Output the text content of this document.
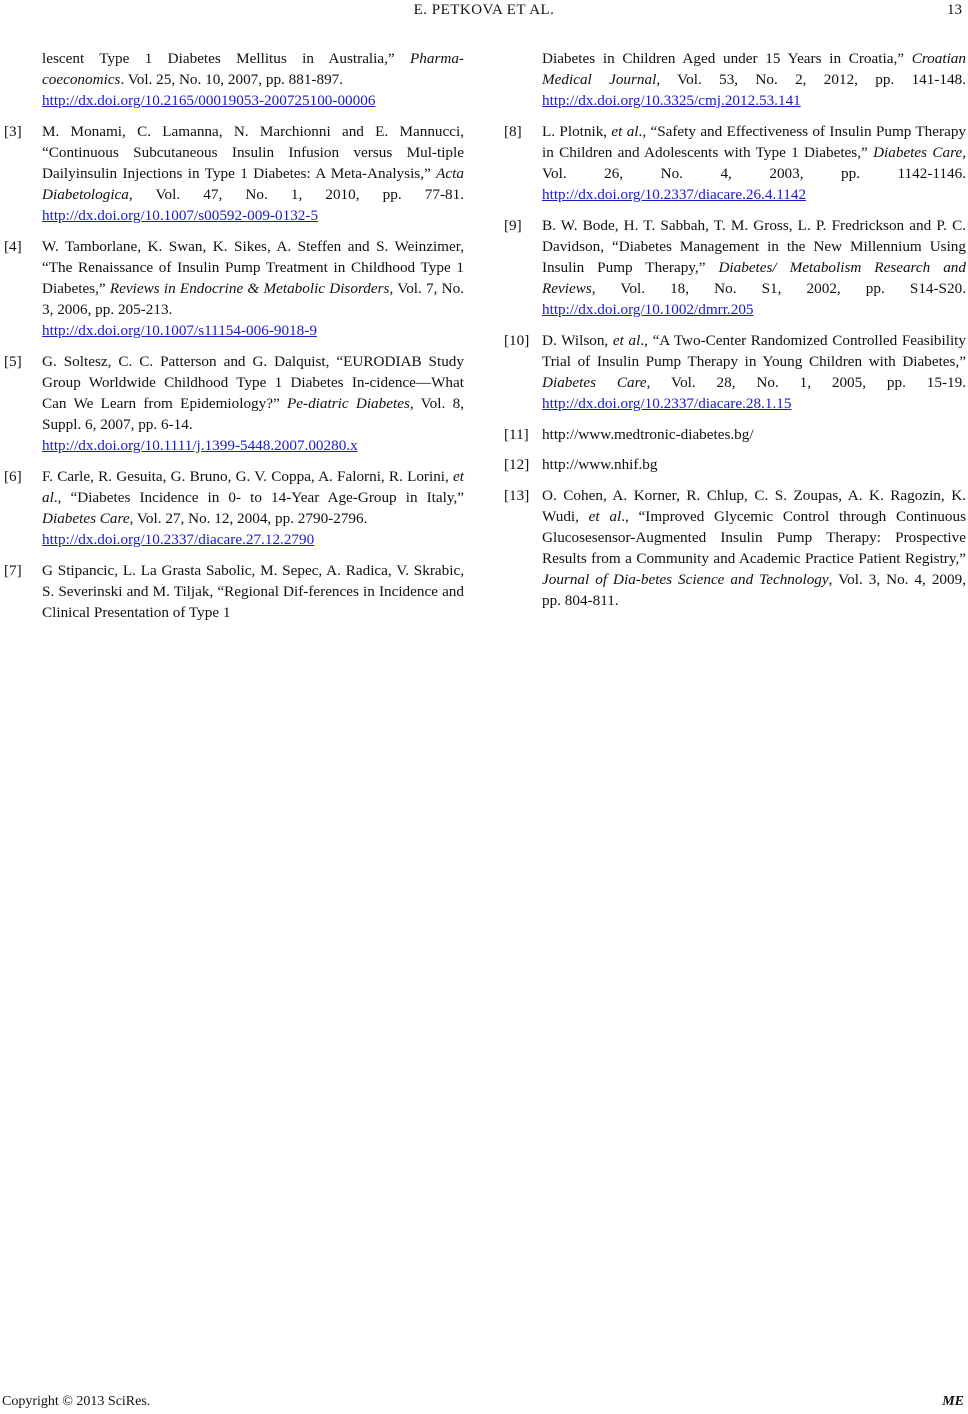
E. PETKOVA ET AL.	13
lescent Type 1 Diabetes Mellitus in Australia,” Pharma-coeconomics. Vol. 25, No. 10, 2007, pp. 881-897.
http://dx.doi.org/10.2165/00019053-200725100-00006
[3] M. Monami, C. Lamanna, N. Marchionni and E. Mannucci, “Continuous Subcutaneous Insulin Infusion versus Mul-tiple Dailyinsulin Injections in Type 1 Diabetes: A Meta-Analysis,” Acta Diabetologica, Vol. 47, No. 1, 2010, pp. 77-81. http://dx.doi.org/10.1007/s00592-009-0132-5
[4] W. Tamborlane, K. Swan, K. Sikes, A. Steffen and S. Weinzimer, “The Renaissance of Insulin Pump Treatment in Childhood Type 1 Diabetes,” Reviews in Endocrine & Metabolic Disorders, Vol. 7, No. 3, 2006, pp. 205-213.
http://dx.doi.org/10.1007/s11154-006-9018-9
[5] G. Soltesz, C. C. Patterson and G. Dalquist, “EURODIAB Study Group Worldwide Childhood Type 1 Diabetes In-cidence—What Can We Learn from Epidemiology?” Pe-diatric Diabetes, Vol. 8, Suppl. 6, 2007, pp. 6-14.
http://dx.doi.org/10.1111/j.1399-5448.2007.00280.x
[6] F. Carle, R. Gesuita, G. Bruno, G. V. Coppa, A. Falorni, R. Lorini, et al., “Diabetes Incidence in 0- to 14-Year Age-Group in Italy,” Diabetes Care, Vol. 27, No. 12, 2004, pp. 2790-2796.
http://dx.doi.org/10.2337/diacare.27.12.2790
[7] G Stipancic, L. La Grasta Sabolic, M. Sepec, A. Radica, V. Skrabic, S. Severinski and M. Tiljak, “Regional Dif-ferences in Incidence and Clinical Presentation of Type 1
Diabetes in Children Aged under 15 Years in Croatia,” Croatian Medical Journal, Vol. 53, No. 2, 2012, pp. 141-148. http://dx.doi.org/10.3325/cmj.2012.53.141
[8] L. Plotnik, et al., “Safety and Effectiveness of Insulin Pump Therapy in Children and Adolescents with Type 1 Diabetes,” Diabetes Care, Vol. 26, No. 4, 2003, pp. 1142-1146. http://dx.doi.org/10.2337/diacare.26.4.1142
[9] B. W. Bode, H. T. Sabbah, T. M. Gross, L. P. Fredrickson and P. C. Davidson, “Diabetes Management in the New Millennium Using Insulin Pump Therapy,” Diabetes/ Metabolism Research and Reviews, Vol. 18, No. S1, 2002, pp. S14-S20. http://dx.doi.org/10.1002/dmrr.205
[10] D. Wilson, et al., “A Two-Center Randomized Controlled Feasibility Trial of Insulin Pump Therapy in Young Children with Diabetes,” Diabetes Care, Vol. 28, No. 1, 2005, pp. 15-19. http://dx.doi.org/10.2337/diacare.28.1.15
[11] http://www.medtronic-diabetes.bg/
[12] http://www.nhif.bg
[13] O. Cohen, A. Korner, R. Chlup, C. S. Zoupas, A. K. Ragozin, K. Wudi, et al., “Improved Glycemic Control through Continuous Glucosesensor-Augmented Insulin Pump Therapy: Prospective Results from a Community and Academic Practice Patient Registry,” Journal of Dia-betes Science and Technology, Vol. 3, No. 4, 2009, pp. 804-811.
Copyright © 2013 SciRes.	ME
